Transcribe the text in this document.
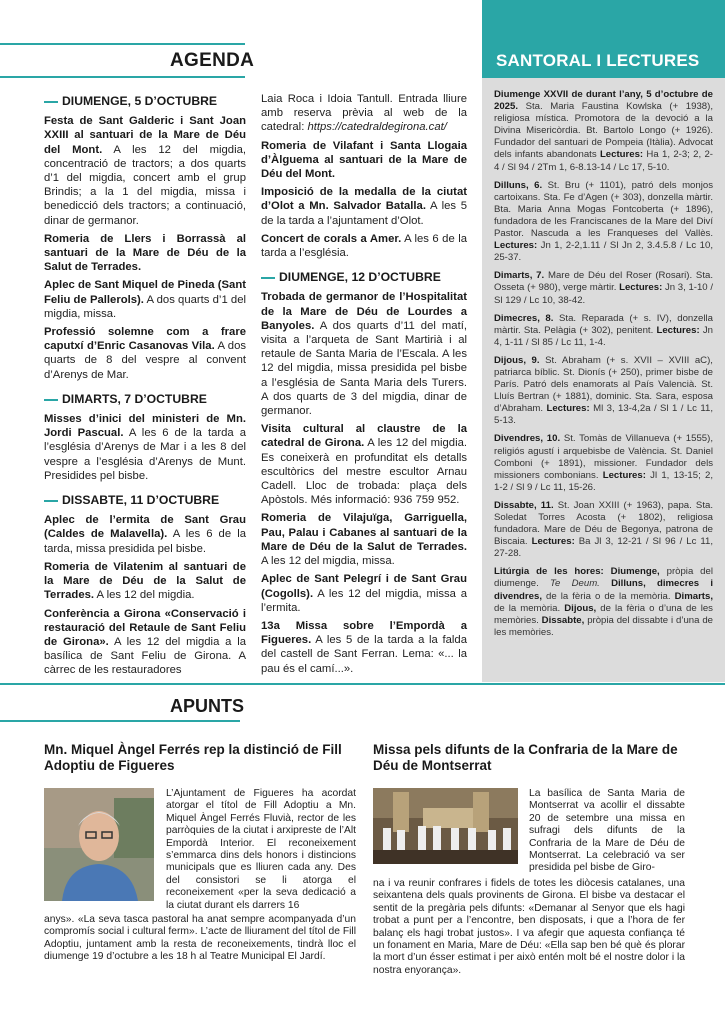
AGENDA	SANTORAL I LECTURES
DIUMENGE, 5 D’OCTUBRE

Festa de Sant Galderic i Sant Joan XXIII al santuari de la Mare de Déu del Mont. A les 12 del migdia, concentració de tractors; a dos quarts d’1 del migdia, concert amb el grup Brindis; a la 1 del migdia, missa i benedicció dels tractors; a continuació, dinar de germanor.

Romeria de Llers i Borrassà al santuari de la Mare de Déu de la Salut de Terrades.

Aplec de Sant Miquel de Pineda (Sant Feliu de Pallerols). A dos quarts d’1 del migdia, missa.

Professió solemne com a frare caputxí d’Enric Casanovas Vila. A dos quarts de 8 del vespre al convent d’Arenys de Mar.

DIMARTS, 7 D’OCTUBRE

Misses d’inici del ministeri de Mn. Jordi Pascual. A les 6 de la tarda a l’església d’Arenys de Mar i a les 8 del vespre a l’església d’Arenys de Munt. Presidides pel bisbe.

DISSABTE, 11 D’OCTUBRE

Aplec de l’ermita de Sant Grau (Caldes de Malavella). A les 6 de la tarda, missa presidida pel bisbe.

Romeria de Vilatenim al santuari de la Mare de Déu de la Salut de Terrades. A les 12 del migdia.

Conferència a Girona «Conservació i restauració del Retaule de Sant Feliu de Girona». A les 12 del migdia a la basílica de Sant Feliu de Girona. A càrrec de les restauradores

Laia Roca i Idoia Tantull. Entrada lliure amb reserva prèvia al web de la catedral: https://catedraldegirona.cat/

Romeria de Vilafant i Santa Llogaia d’Àlguema al santuari de la Mare de Déu del Mont.

Imposició de la medalla de la ciutat d’Olot a Mn. Salvador Batalla. A les 5 de la tarda a l’ajuntament d’Olot.

Concert de corals a Amer. A les 6 de la tarda a l’església.

DIUMENGE, 12 D’OCTUBRE

Trobada de germanor de l’Hospitalitat de la Mare de Déu de Lourdes a Banyoles. A dos quarts d’11 del matí, visita a l’arqueta de Sant Martirià i al retaule de Santa Maria de l’Escala. A les 12 del migdia, missa presidida pel bisbe a l’església de Santa Maria dels Turers. A dos quarts de 3 del migdia, dinar de germanor.

Visita cultural al claustre de la catedral de Girona. A les 12 del migdia. Es coneixerà en profunditat els detalls escultòrics del mestre escultor Arnau Cadell. Lloc de trobada: plaça dels Apòstols. Més informació: 936 759 952.

Romeria de Vilajuïga, Garriguella, Pau, Palau i Cabanes al santuari de la Mare de Déu de la Salut de Terrades. A les 12 del migdia, missa.

Aplec de Sant Pelegrí i de Sant Grau (Cogolls). A les 12 del migdia, missa a l’ermita.

13a Missa sobre l’Empordà a Figueres. A les 5 de la tarda a la falda del castell de Sant Ferran. Lema: «... la pau és el camí...».

Diumenge XXVII de durant l’any, 5 d’octubre de 2025. Sta. Maria Faustina Kowlska (+ 1938), religiosa mística. Promotora de la devoció a la Divina Misericòrdia. Bt. Bartolo Longo (+ 1926). Fundador del santuari de Pompeia (Itàlia). Advocat dels infants abandonats Lectures: Ha 1, 2-3; 2, 2-4 / Sl 94 / 2Tm 1, 6-8.13-14 / Lc 17, 5-10.

Dilluns, 6. St. Bru (+ 1101), patró dels monjos cartoixans. Sta. Fe d’Agen (+ 303), donzella màrtir. Bta. Maria Anna Mogas Fontcoberta (+ 1896), fundadora de les Franciscanes de la Mare del Diví Pastor. Nascuda a les Franqueses del Vallès. Lectures: Jn 1, 2-2,1.11 / Sl Jn 2, 3.4.5.8 / Lc 10, 25-37.

Dimarts, 7. Mare de Déu del Roser (Rosari). Sta. Osseta (+ 980), verge màrtir. Lectures: Jn 3, 1-10 / Sl 129 / Lc 10, 38-42.

Dimecres, 8. Sta. Reparada (+ s. IV), donzella màrtir. Sta. Pelàgia (+ 302), penitent. Lectures: Jn 4, 1-11 / Sl 85 / Lc 11, 1-4.

Dijous, 9. St. Abraham (+ s. XVII – XVIII aC), patriarca bíblic. St. Dionís (+ 250), primer bisbe de París. Patró dels enamorats al País Valencià. St. Lluís Bertran (+ 1881), dominic. Sta. Sara, esposa d’Abraham. Lectures: Ml 3, 13-4,2a / Sl 1 / Lc 11, 5-13.

Divendres, 10. St. Tomàs de Villanueva (+ 1555), religiós agustí i arquebisbe de València. St. Daniel Comboni (+ 1891), missioner. Fundador dels missioners combonians. Lectures: Jl 1, 13-15; 2, 1-2 / Sl 9 / Lc 11, 15-26.

Dissabte, 11. St. Joan XXIII (+ 1963), papa. Sta. Soledat Torres Acosta (+ 1802), religiosa fundadora. Mare de Déu de Begonya, patrona de Biscaia. Lectures: Ba Jl 3, 12-21 / Sl 96 / Lc 11, 27-28.

Litúrgia de les hores: Diumenge, pròpia del diumenge. Te Deum. Dilluns, dimecres i divendres, de la fèria o de la memòria. Dimarts, de la memòria. Dijous, de la fèria o d’una de les memòries. Dissabte, pròpia del dissabte i d’una de les memòries.

APUNTS
Mn. Miquel Àngel Ferrés rep la distinció de Fill Adoptiu de Figueres

L’Ajuntament de Figueres ha acordat atorgar el títol de Fill Adoptiu a Mn. Miquel Àngel Ferrés Fluvià, rector de les parròquies de la ciutat i arxipreste de l’Alt Empordà Interior. El reconeixement s’emmarca dins dels honors i distincions municipals que es lliuren cada any. Des del consistori se li atorga el reconeixement «per la seva dedicació a la ciutat durant els darrers 16

anys». «La seva tasca pastoral ha anat sempre acompanyada d’un compromís social i cultural ferm». L’acte de lliurament del títol de Fill Adoptiu, juntament amb la resta de reconeixements, tindrà lloc el diumenge 19 d’octubre a les 18 h al Teatre Municipal El Jardí.

Missa pels difunts de la Confraria de la Mare de Déu de Montserrat

La basílica de Santa Maria de Montserrat va acollir el dissabte 20 de setembre una missa en sufragi dels difunts de la Confraria de la Mare de Déu de Montserrat. La celebració va ser presidida pel bisbe de Giro-

na i va reunir confrares i fidels de totes les diòcesis catalanes, una seixantena dels quals provinents de Girona. El bisbe va destacar el sentit de la pregària pels difunts: «Demanar al Senyor que els hagi trobat a punt per a l’encontre, ben disposats, i que a l’hora de fer balanç els hagi trobat justos». I va afegir que aquesta confiança té un fonament en Maria, Mare de Déu: «Ella sap ben bé què és plorar la mort d’un ésser estimat i per això entén molt bé el nostre dolor i la nostra enyorança».
